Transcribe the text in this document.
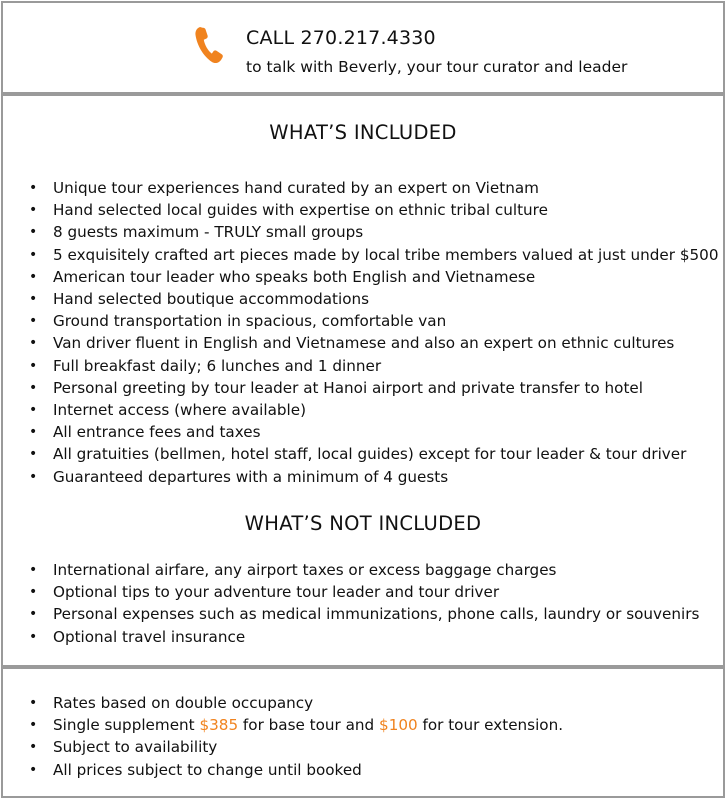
CALL 270.217.4330
to talk with Beverly, your tour curator and leader
WHAT’S INCLUDED
• Unique tour experiences hand curated by an expert on Vietnam
• Hand selected local guides with expertise on ethnic tribal culture
• 8 guests maximum - TRULY small groups
• 5 exquisitely crafted art pieces made by local tribe members valued at just under $500
• American tour leader who speaks both English and Vietnamese
• Hand selected boutique accommodations
• Ground transportation in spacious, comfortable van
• Van driver fluent in English and Vietnamese and also an expert on ethnic cultures
• Full breakfast daily; 6 lunches and 1 dinner
• Personal greeting by tour leader at Hanoi airport and private transfer to hotel
• Internet access (where available)
• All entrance fees and taxes
• All gratuities (bellmen, hotel staff, local guides) except for tour leader & tour driver
• Guaranteed departures with a minimum of 4 guests
WHAT’S NOT INCLUDED
• International airfare, any airport taxes or excess baggage charges
• Optional tips to your adventure tour leader and tour driver
• Personal expenses such as medical immunizations, phone calls, laundry or souvenirs
• Optional travel insurance
• Rates based on double occupancy
• Single supplement $385 for base tour and $100 for tour extension.
• Subject to availability
• All prices subject to change until booked
